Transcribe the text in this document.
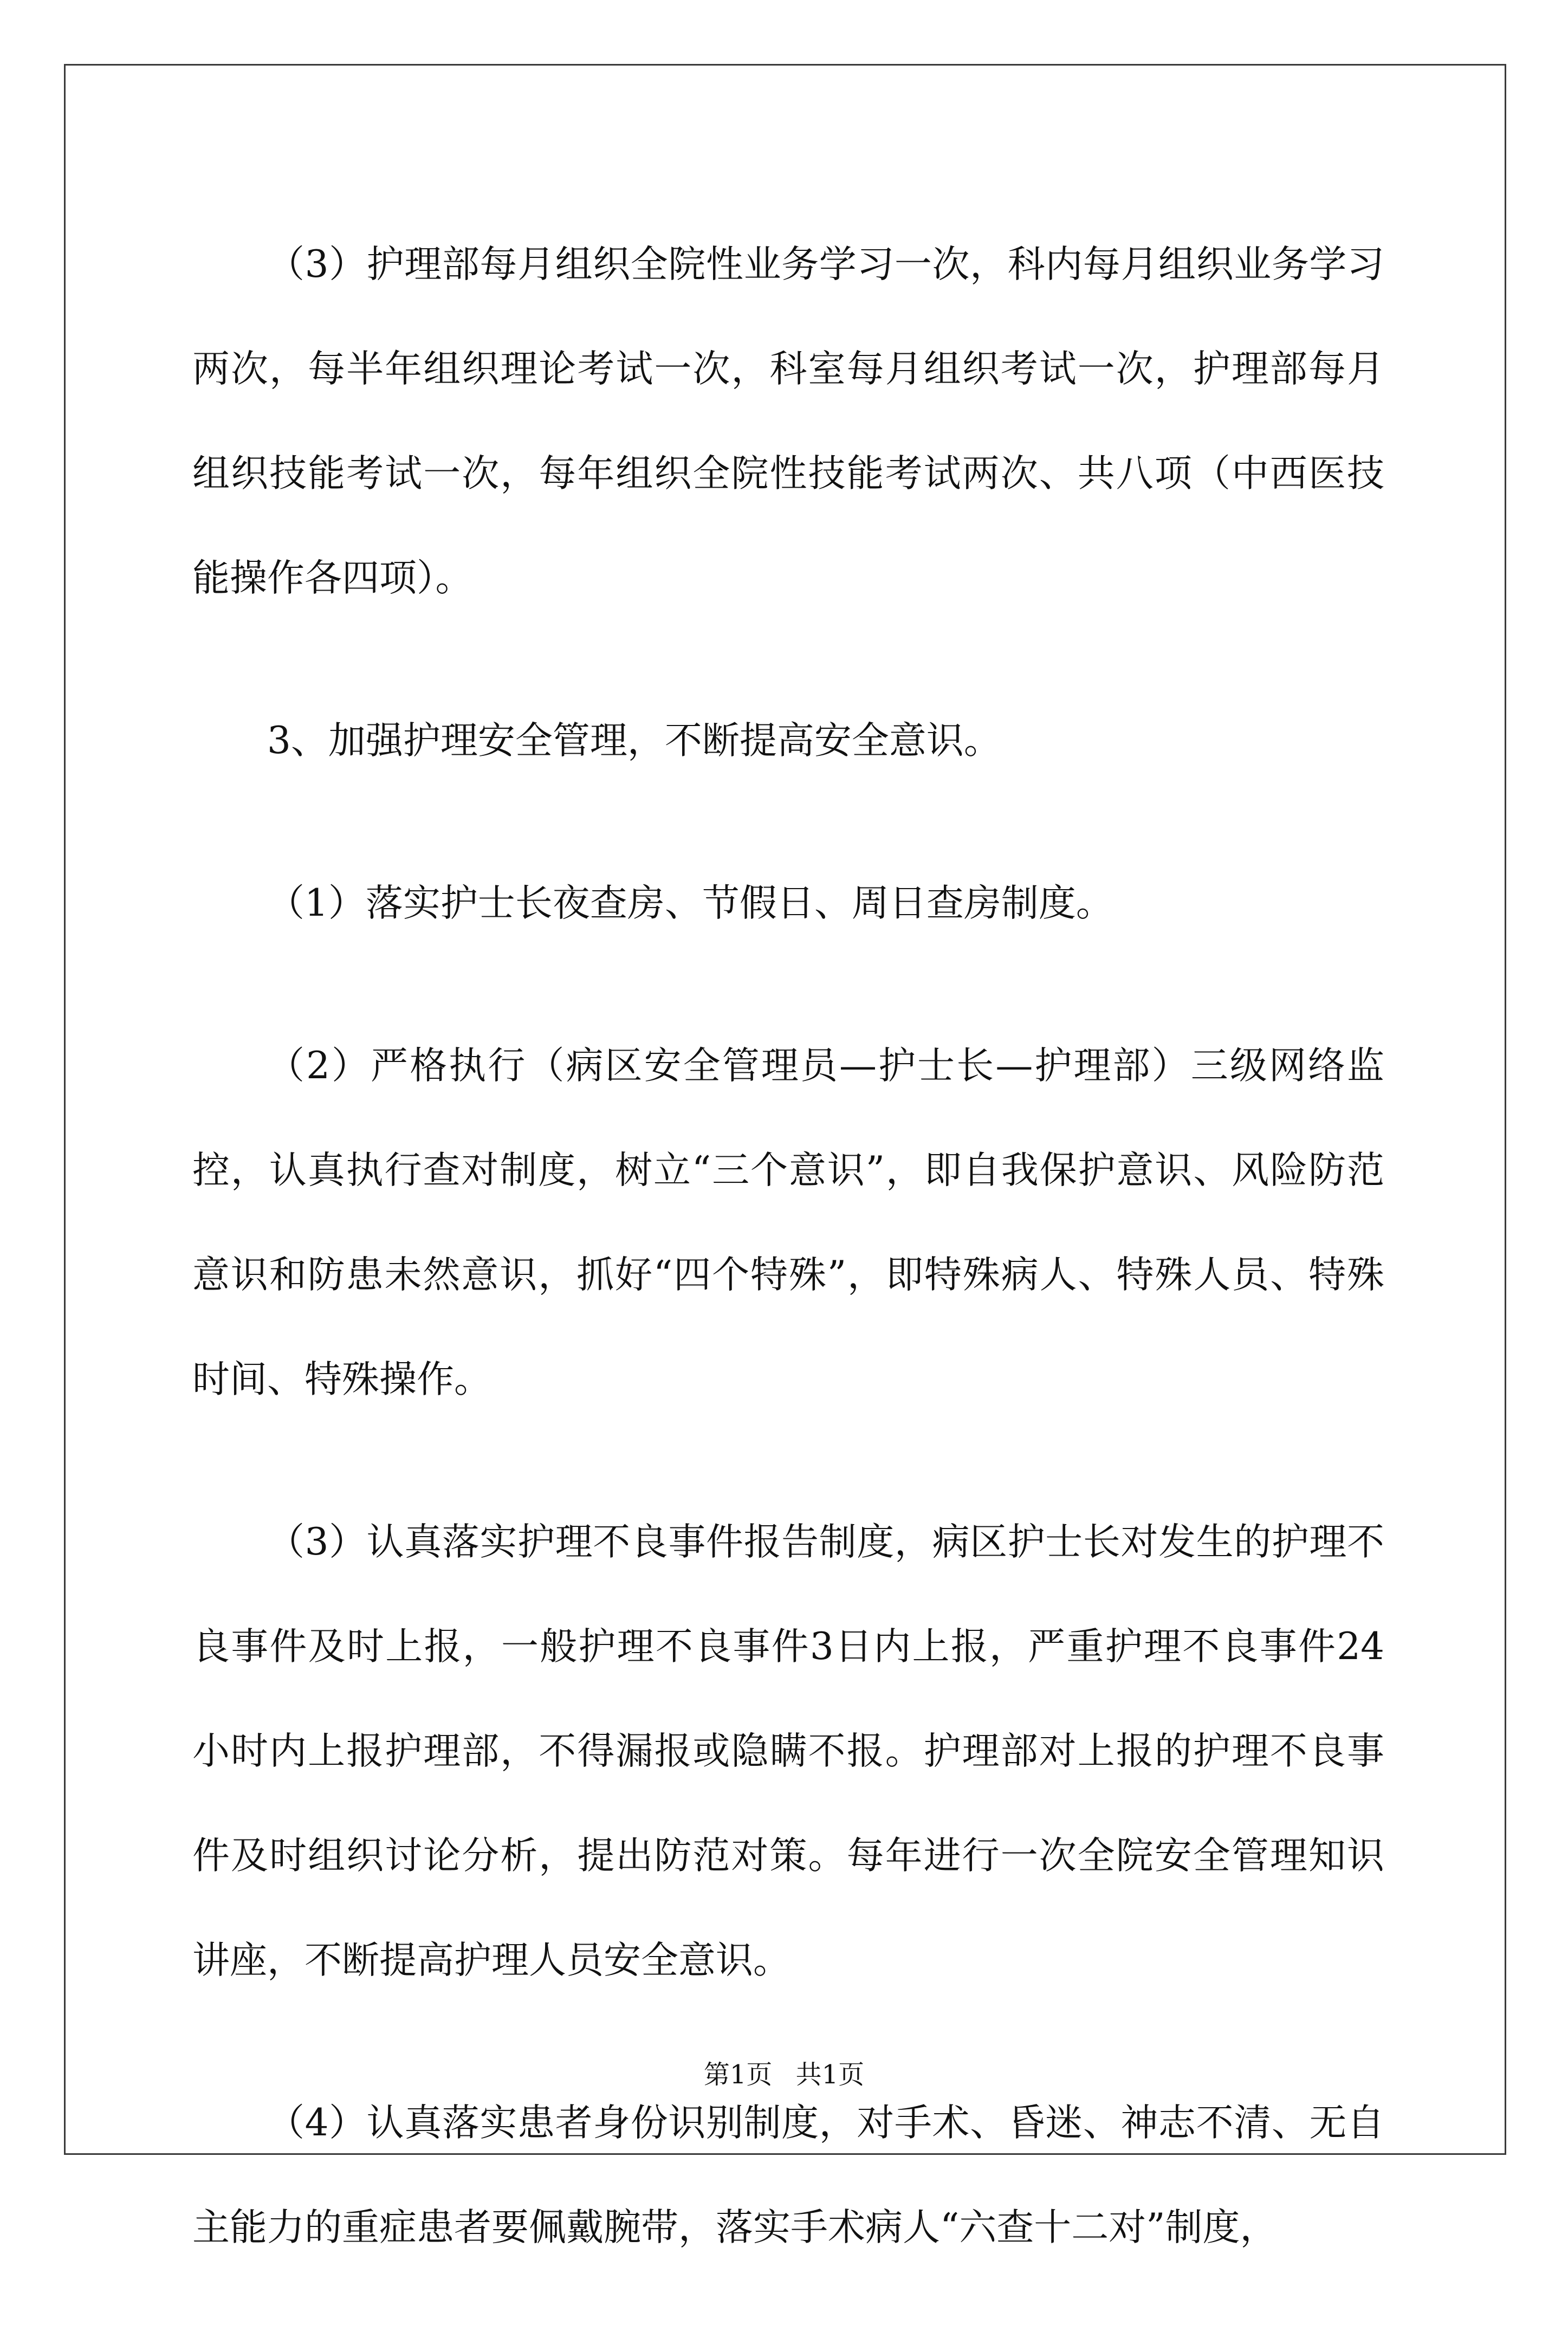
（3）护理部每月组织全院性业务学习一次，科内每月组织业务学习两次，每半年组织理论考试一次，科室每月组织考试一次，护理部每月组织技能考试一次，每年组织全院性技能考试两次、共八项（中西医技能操作各四项）。

3、加强护理安全管理，不断提高安全意识。

（1）落实护士长夜查房、节假日、周日查房制度。

（2）严格执行（病区安全管理员—护士长—护理部）三级网络监控，认真执行查对制度，树立“三个意识”，即自我保护意识、风险防范意识和防患未然意识，抓好“四个特殊”，即特殊病人、特殊人员、特殊时间、特殊操作。

（3）认真落实护理不良事件报告制度，病区护士长对发生的护理不良事件及时上报，一般护理不良事件3日内上报，严重护理不良事件24小时内上报护理部，不得漏报或隐瞒不报。护理部对上报的护理不良事件及时组织讨论分析，提出防范对策。每年进行一次全院安全管理知识讲座，不断提高护理人员安全意识。

（4）认真落实患者身份识别制度，对手术、昏迷、神志不清、无自主能力的重症患者要佩戴腕带，落实手术病人“六查十二对”制度，

第1页 共1页
